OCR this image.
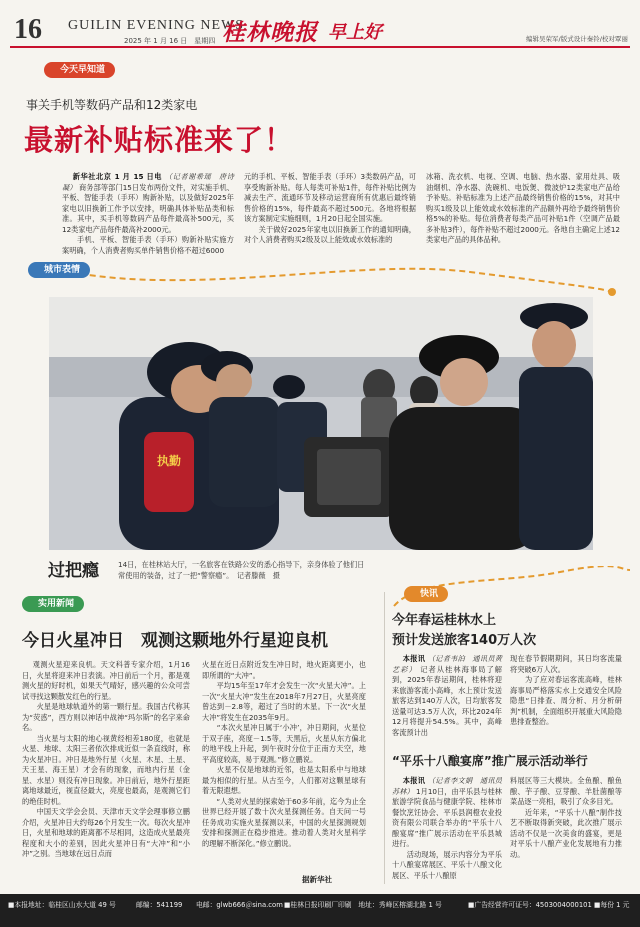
16 GUILIN EVENING NEWS
2025 年 1 月 16 日　星期四 桂林晚报 早上好	编辑吴荣军/版式设计秦铃/校对覃丽
今天早知道
事关手机等数码产品和12类家电
最新补贴标准来了！

新华社北京 1 月 15 日电 （记者谢希瑶　唐诗凝） 商务部等部门15日发布两份文件，对实施手机、平板、智能手表（手环）购新补贴，以及做好2025年家电以旧换新工作予以安排，明确具体补贴品类和标准。其中，买手机等数码产品每件最高补500元，买12类家电产品每件最高补2000元。
　　手机、平板、智能手表（手环）购新补贴实施方案明确，个人消费者购买单件销售价格不超过6000

元的手机、平板、智能手表（手环）3类数码产品，可享受购新补贴。每人每类可补贴1件，每件补贴比例为减去生产、流通环节及移动运营商所有优惠后最终销售价格的15%，每件最高不超过500元。各地将根据该方案制定实施细则，1月20日起全国实施。
　　关于做好2025年家电以旧换新工作的通知明确，对个人消费者购买2级及以上能效或水效标准的

冰箱、洗衣机、电视、空调、电脑、热水器、家用灶具、吸油烟机、净水器、洗碗机、电饭煲、微波炉12类家电产品给予补贴。补贴标准为上述产品最终销售价格的15%，对其中购买1级及以上能效或水效标准的产品额外再给予最终销售价格5%的补贴。每位消费者每类产品可补贴1件（空调产品最多补贴3件），每件补贴不超过2000元。各地自主确定上述12类家电产品的具体品种。

城市表情
执勤
过把瘾	14日，在桂林站大厅，一名旅客在铁路公安的悉心指导下，亲身体验了他们日常使用的装备，过了一把“警察瘾”。　记者滕薇　摄
实用新闻
今日火星冲日　观测这颗地外行星迎良机

观测火星迎来良机。天文科普专家介绍，1月16日，火星将迎来冲日表演。冲日前后一个月，都是观测火星的好时机，如果天气晴好，感兴趣的公众可尝试寻找这颗散发红色的行星。
　　火星是地球轨道外的第一颗行星。我国古代称其为“荧惑”，西方则以神话中战神“玛尔斯”的名字来命名。
　　当火星与太阳的地心视黄经相差180度，也就是火星、地球、太阳三者依次排成近似一条直线时，称为火星冲日。冲日是地外行星（火星、木星、土星、天王星、海王星）才会有的现象，而地内行星（金星、水星）则没有冲日现象。冲日前后，地外行星距离地球最近，视直径最大，亮度也最高，是观测它们的绝佳时机。
　　中国天文学会会员、天津市天文学会理事修立鹏介绍，火星冲日大约每26个月发生一次。每次火星冲日，火星和地球的距离都不尽相同，这造成火星最亮程度和大小的差别，因此火星冲日有“大冲”和“小冲”之别。当地球在远日点而

火星在近日点附近发生冲日时，地火距离更小，也即所谓的“大冲”。
　　平均15年至17年才会发生一次“火星大冲”。上一次“火星大冲”发生在2018年7月27日，火星亮度曾达到－2.8等，超过了当时的木星。下一次“火星大冲”将发生在2035年9月。
　　“本次火星冲日属于‘小冲’，冲日期间，火星位于双子座，亮度－1.5等，天黑后，火星从东方偏北的地平线上升起，到午夜时分位于正南方天空，地平高度较高，易于观测。”修立鹏说。
　　火星不仅是地球的近邻，也是太阳系中与地球最为相似的行星。从古至今，人们都对这颗星球有着无限遐想。
　　“人类对火星的探索始于60多年前，迄今为止全世界已经开展了数十次火星探测任务。自天问一号任务成功实施火星探测以来，中国的火星探测规划安排和探测正在稳步推进。推动着人类对火星科学的理解不断深化。”修立鹏说。

据新华社
快讯
今年春运桂林水上
预计发送旅客140万人次

本报讯 （记者韦泊　通讯员黄艺彩） 记者从桂林海事局了解到，2025年春运期间，桂林将迎来旅游客流小高峰，水上预计发送旅客达到140万人次，日均旅客发送量可达3.5万人次，环比2024年12月将提升54.5%。其中，高峰客流预计出

现在春节假期期间，其日均客流量将突破6万人次。
　　为了应对春运客流高峰，桂林海事局严格落实水上交通安全风险隐患“日排查、周分析、月分析研判”机制，全面组织开展重大风险隐患排查整治。

“平乐十八酿宴席”推广展示活动举行

本报讯 （记者李文娟　通讯员苏林） 1月10日，由平乐县与桂林旅游学院食品与健康学院、桂林市餐饮烹饪协会、平乐县润橙农业投资有限公司联合举办的“平乐十八酿宴席”推广展示活动在平乐县城进行。
　　活动现场，展示内容分为平乐十八酿宴席展区、平乐十八酿文化展区、平乐十八酿原

料展区等三大模块。全鱼酿、酿鱼酿、芋子酿、豆芽酿、羊肚菌酿等菜品逐一亮相，吸引了众多目光。
　　近年来，“平乐十八酿”制作技艺不断取得新突破，此次推广展示活动不仅是一次美食的盛宴，更是对平乐十八酿产业化发展地有力推动。

■本报地址：临桂区山水大道 49 号	邮编：541199 电邮：glwb666＠sina.com ■桂林日报印刷厂印刷　地址：秀峰区榕湖北路 1 号	■广告经营许可证号：4503004000101 ■每份 1 元
